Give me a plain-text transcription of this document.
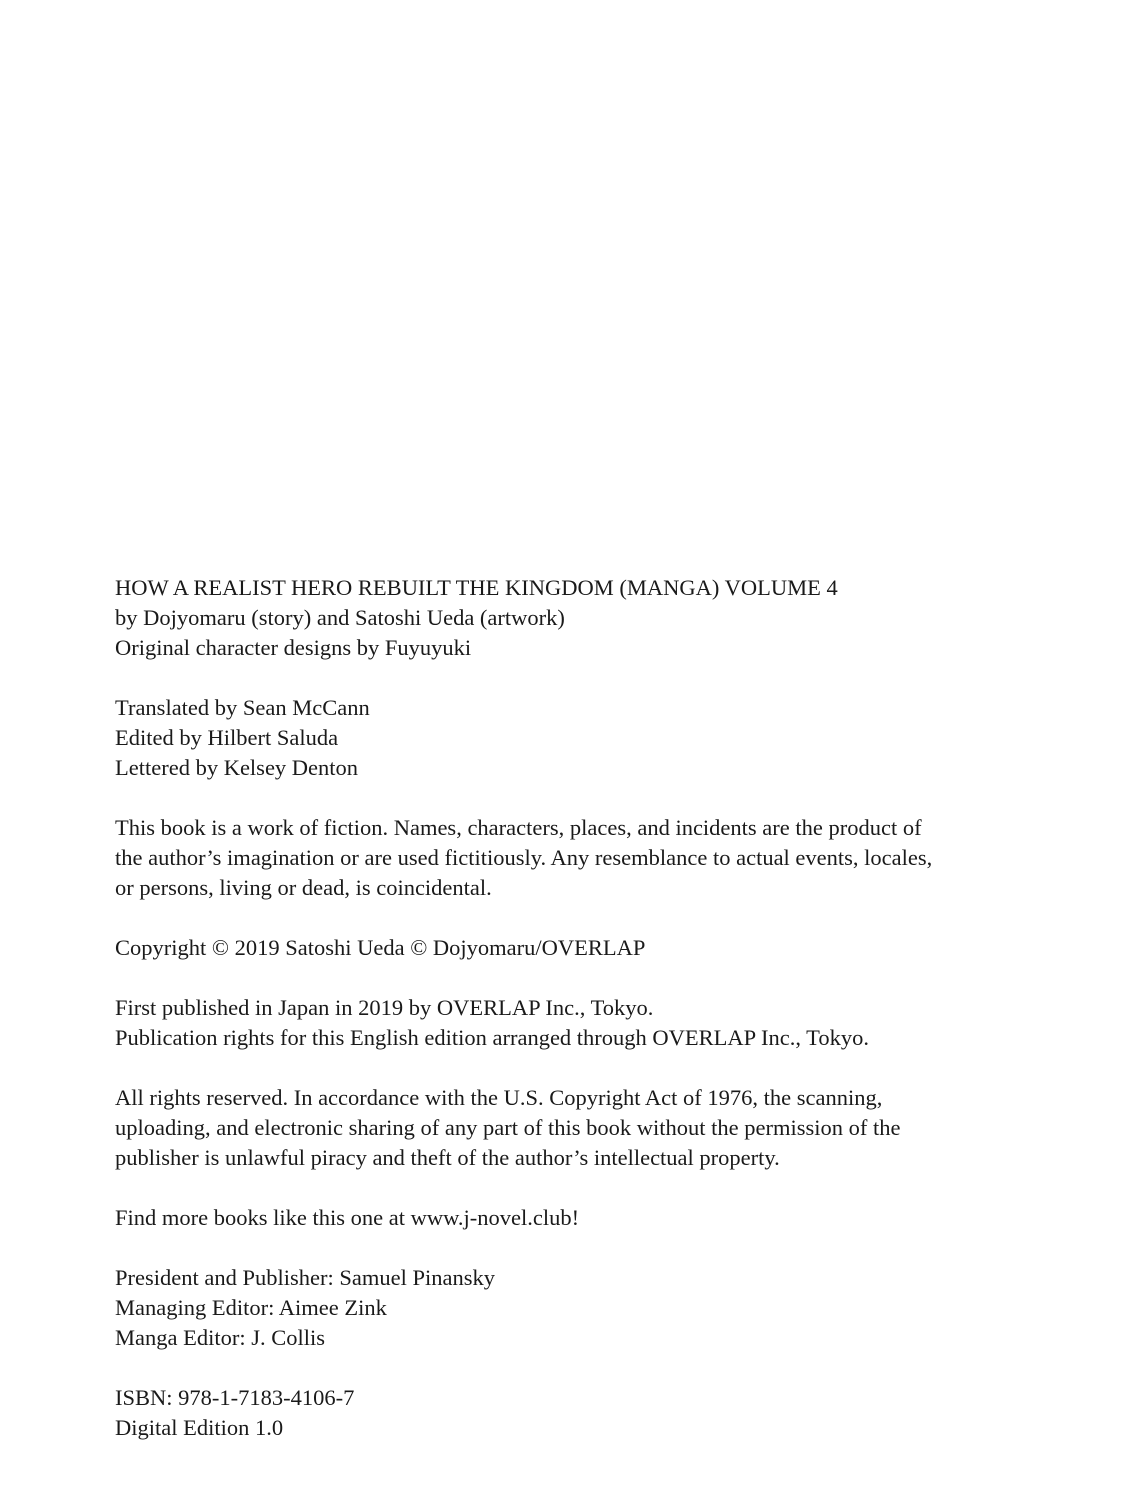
HOW A REALIST HERO REBUILT THE KINGDOM (MANGA) VOLUME 4
by Dojyomaru (story) and Satoshi Ueda (artwork)
Original character designs by Fuyuyuki
Translated by Sean McCann
Edited by Hilbert Saluda
Lettered by Kelsey Denton
This book is a work of fiction. Names, characters, places, and incidents are the product of
the author’s imagination or are used fictitiously. Any resemblance to actual events, locales,
or persons, living or dead, is coincidental.
Copyright © 2019 Satoshi Ueda © Dojyomaru/OVERLAP
First published in Japan in 2019 by OVERLAP Inc., Tokyo.
Publication rights for this English edition arranged through OVERLAP Inc., Tokyo.
All rights reserved. In accordance with the U.S. Copyright Act of 1976, the scanning,
uploading, and electronic sharing of any part of this book without the permission of the
publisher is unlawful piracy and theft of the author’s intellectual property.
Find more books like this one at www.j-novel.club!
President and Publisher: Samuel Pinansky
Managing Editor: Aimee Zink
Manga Editor: J. Collis
ISBN: 978-1-7183-4106-7
Digital Edition 1.0
